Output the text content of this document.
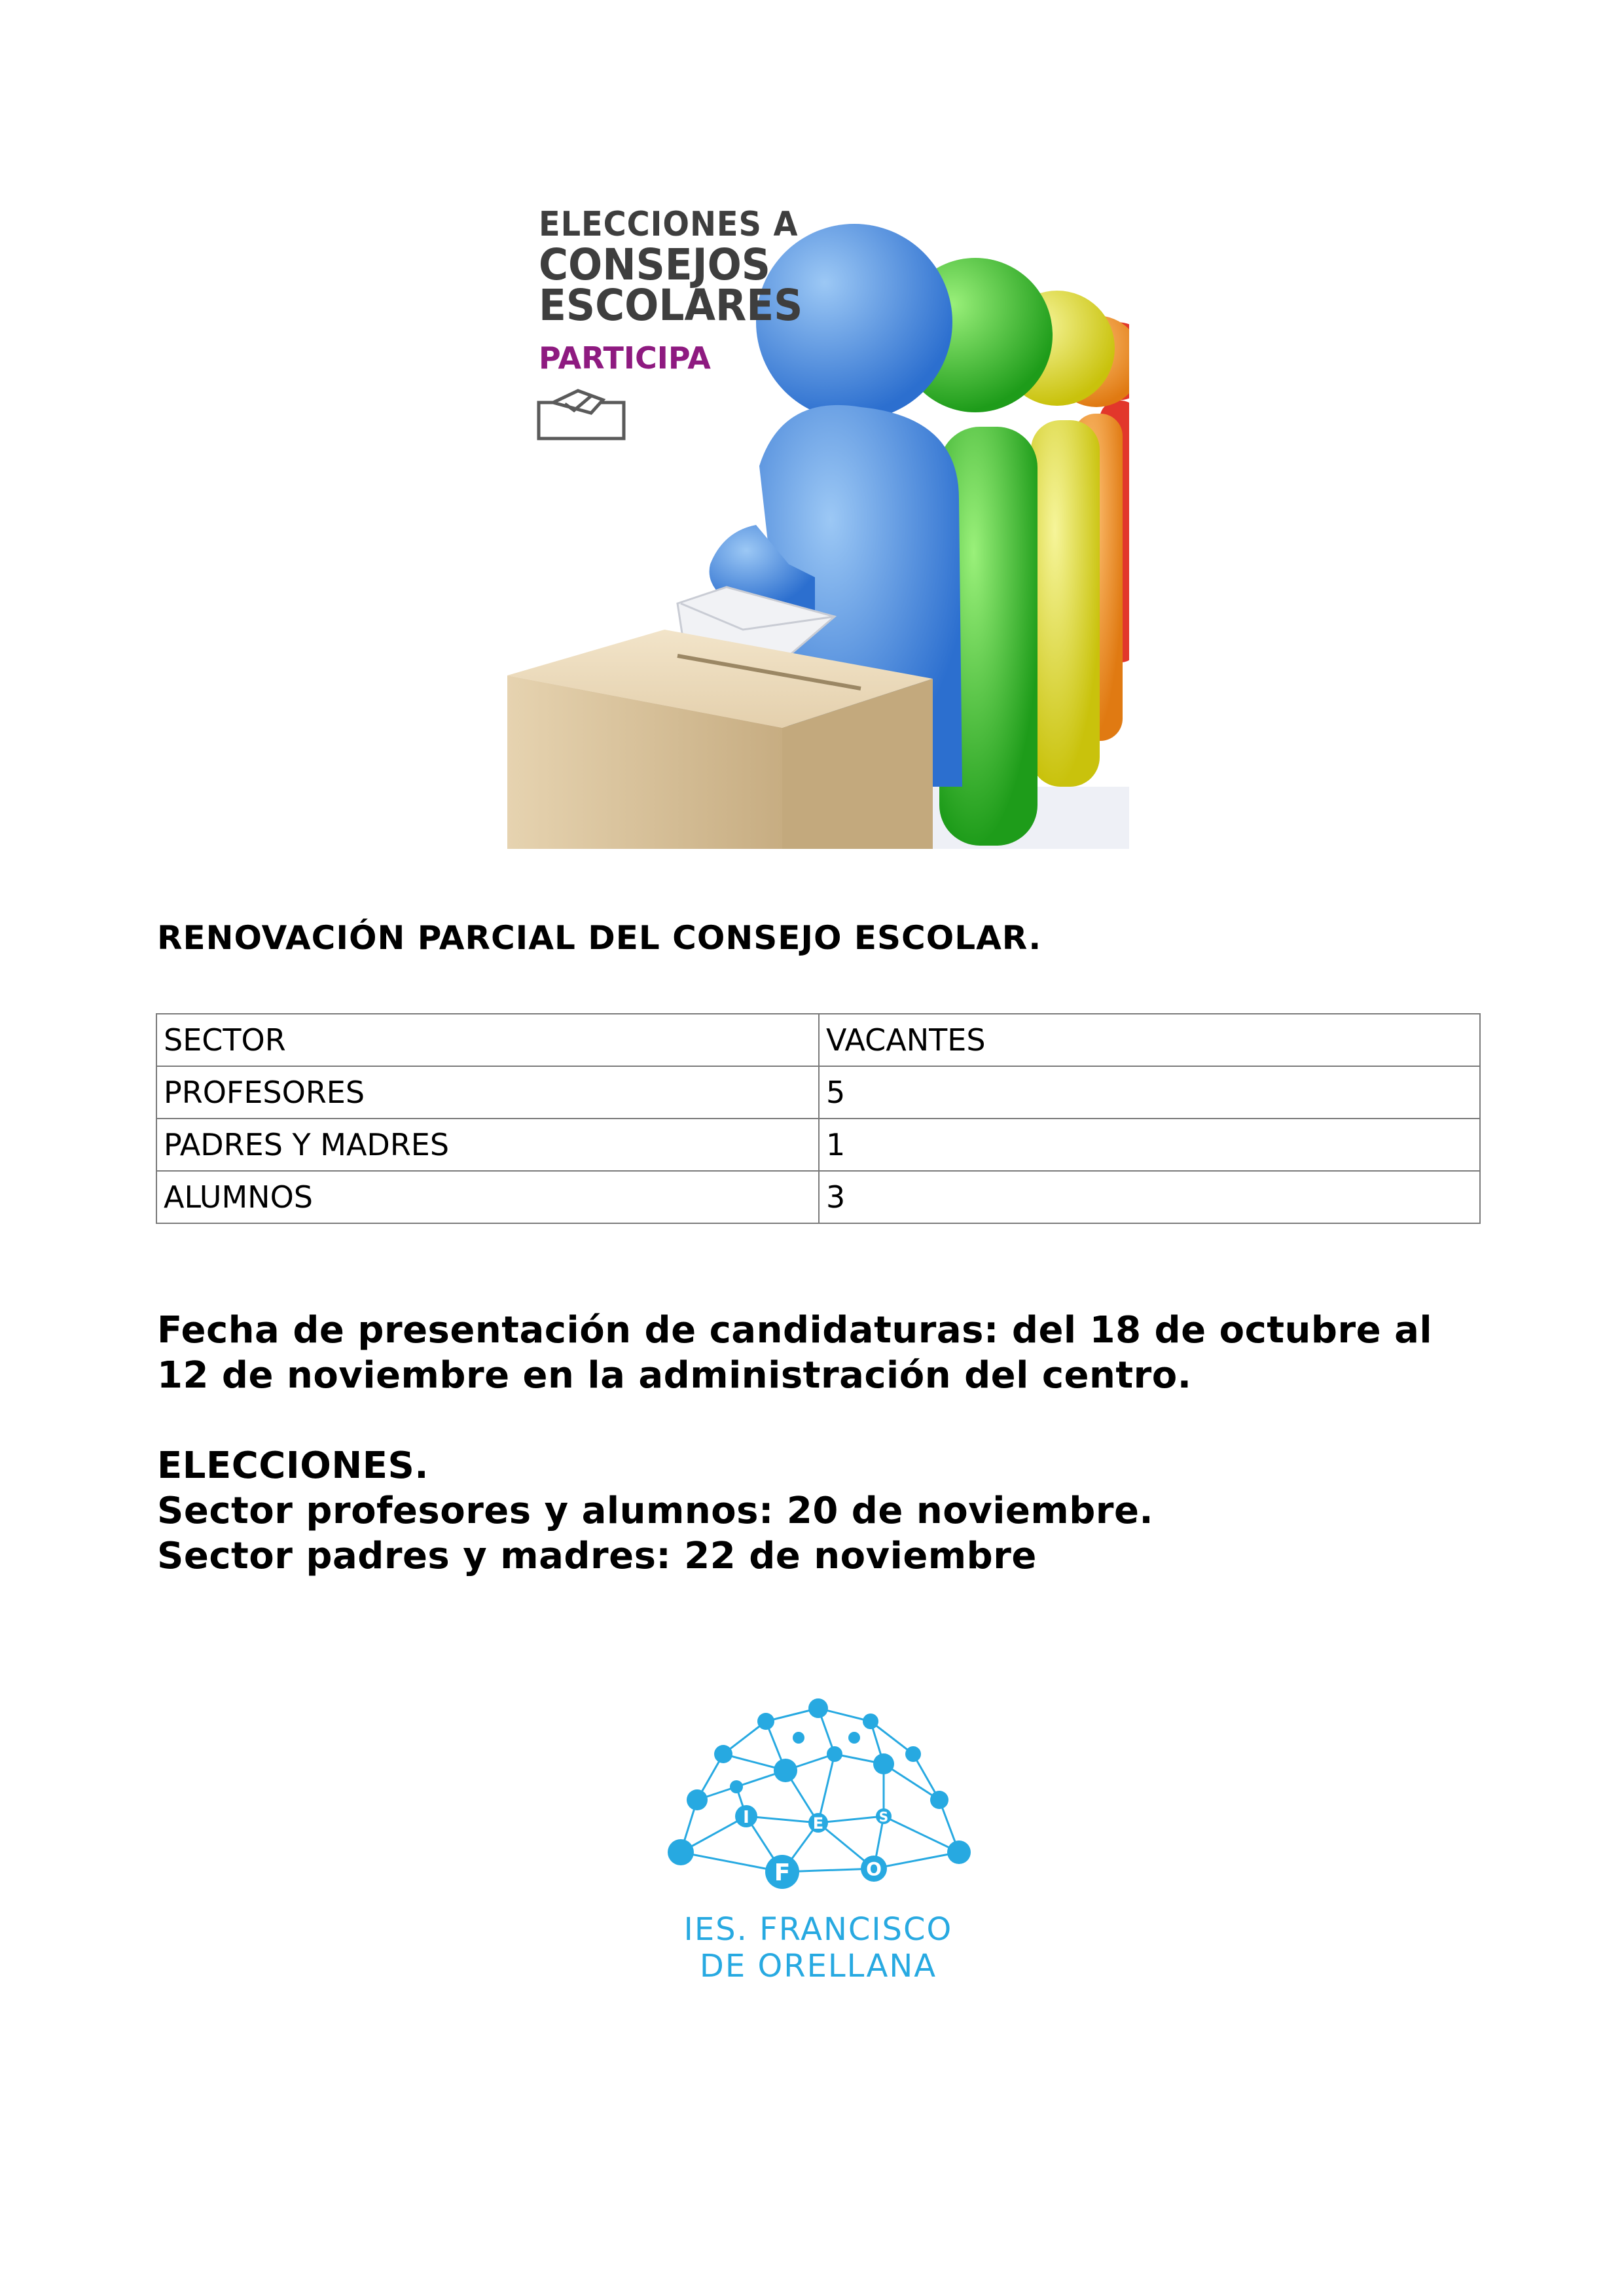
ELECCIONES A
CONSEJOS
ESCOLARES
PARTICIPA
RENOVACIÓN PARCIAL DEL CONSEJO ESCOLAR.
SECTOR	VACANTES
PROFESORES	5
PADRES Y MADRES	1
ALUMNOS	3
Fecha de presentación de candidaturas: del 18 de octubre al
12 de noviembre en la administración del centro.
ELECCIONES.
Sector profesores y alumnos: 20 de noviembre.
Sector padres y madres: 22 de noviembre
I	E	S
F	O
IES. FRANCISCO
DE ORELLANA
